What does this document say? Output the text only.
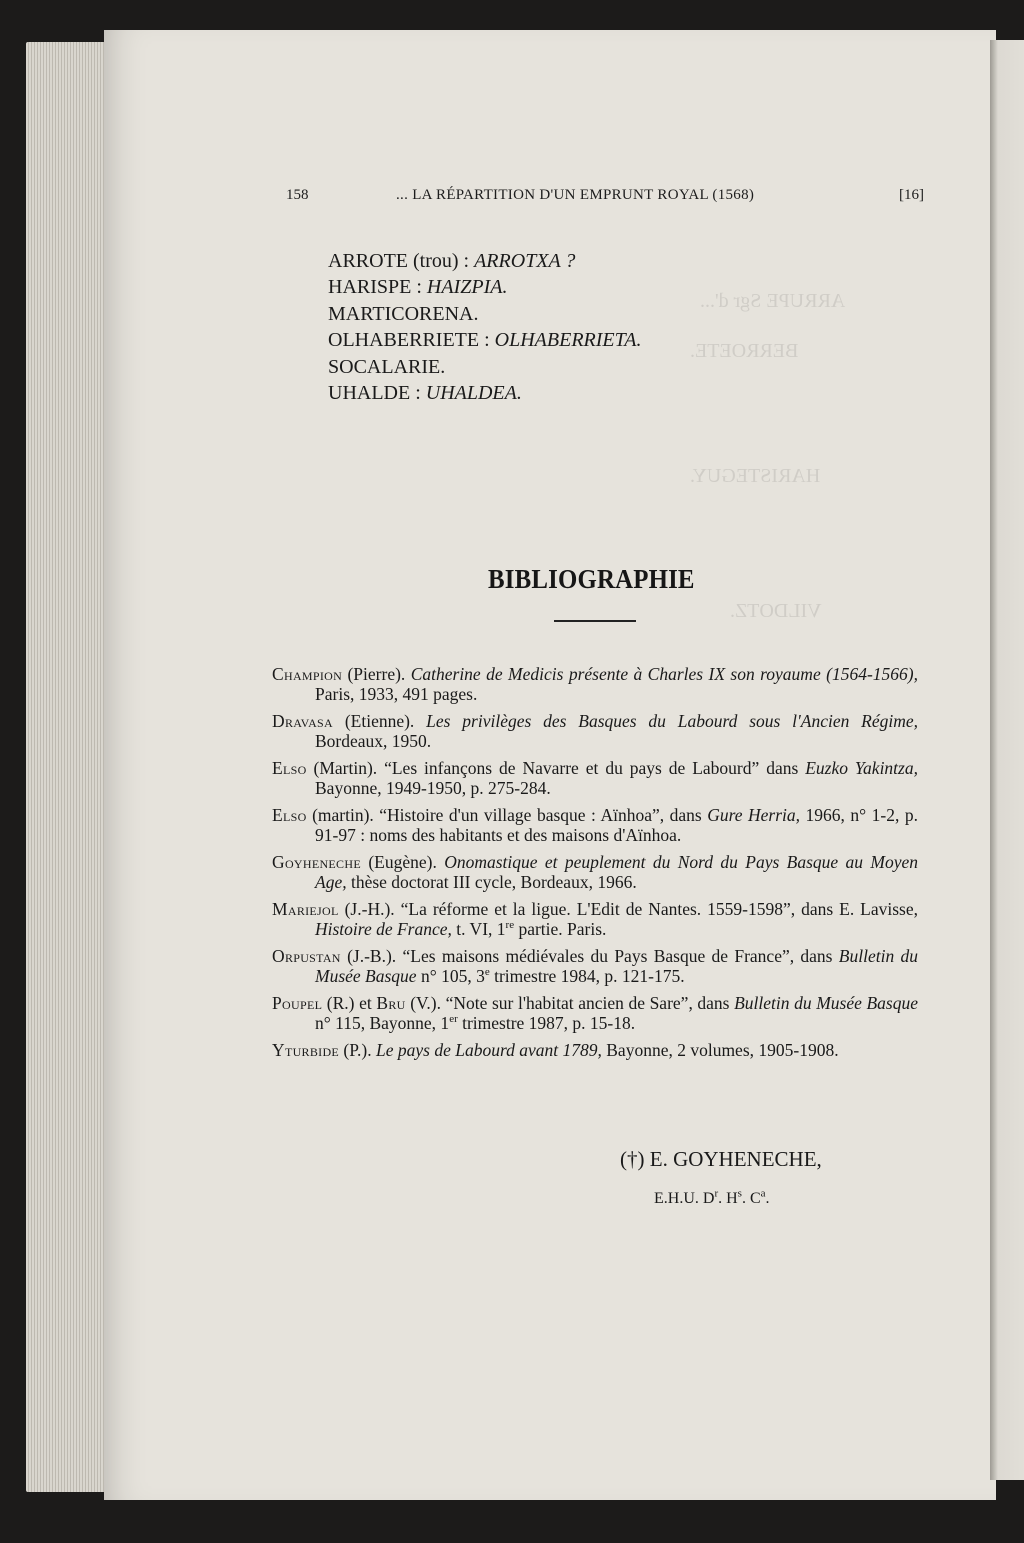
ARRUPE Sgr d'...
BERROETE.
HARISTEGUY.
VILDOTZ.
158	... LA RÉPARTITION D'UN EMPRUNT ROYAL (1568)	[16]
ARROTE (trou) : ARROTXA ?
HARISPE : HAIZPIA.
MARTICORENA.
OLHABERRIETE : OLHABERRIETA.
SOCALARIE.
UHALDE : UHALDEA.
BIBLIOGRAPHIE
Champion (Pierre). Catherine de Medicis présente à Charles IX son royaume (1564-1566), Paris, 1933, 491 pages.
Dravasa (Etienne). Les privilèges des Basques du Labourd sous l'Ancien Régime, Bordeaux, 1950.
Elso (Martin). “Les infançons de Navarre et du pays de Labourd” dans Euzko Yakintza, Bayonne, 1949-1950, p. 275-284.
Elso (martin). “Histoire d'un village basque : Aïnhoa”, dans Gure Herria, 1966, n° 1-2, p. 91-97 : noms des habitants et des maisons d'Aïnhoa.
Goyheneche (Eugène). Onomastique et peuplement du Nord du Pays Basque au Moyen Age, thèse doctorat III cycle, Bordeaux, 1966.
Mariejol (J.-H.). “La réforme et la ligue. L'Edit de Nantes. 1559-1598”, dans E. Lavisse, Histoire de France, t. VI, 1re partie. Paris.
Orpustan (J.-B.). “Les maisons médiévales du Pays Basque de France”, dans Bulletin du Musée Basque n° 105, 3e trimestre 1984, p. 121-175.
Poupel (R.) et Bru (V.). “Note sur l'habitat ancien de Sare”, dans Bulletin du Musée Basque n° 115, Bayonne, 1er trimestre 1987, p. 15-18.
Yturbide (P.). Le pays de Labourd avant 1789, Bayonne, 2 volumes, 1905-1908.
(†) E. GOYHENECHE,
E.H.U. $D^r$. $H^s$. $C^a$.
